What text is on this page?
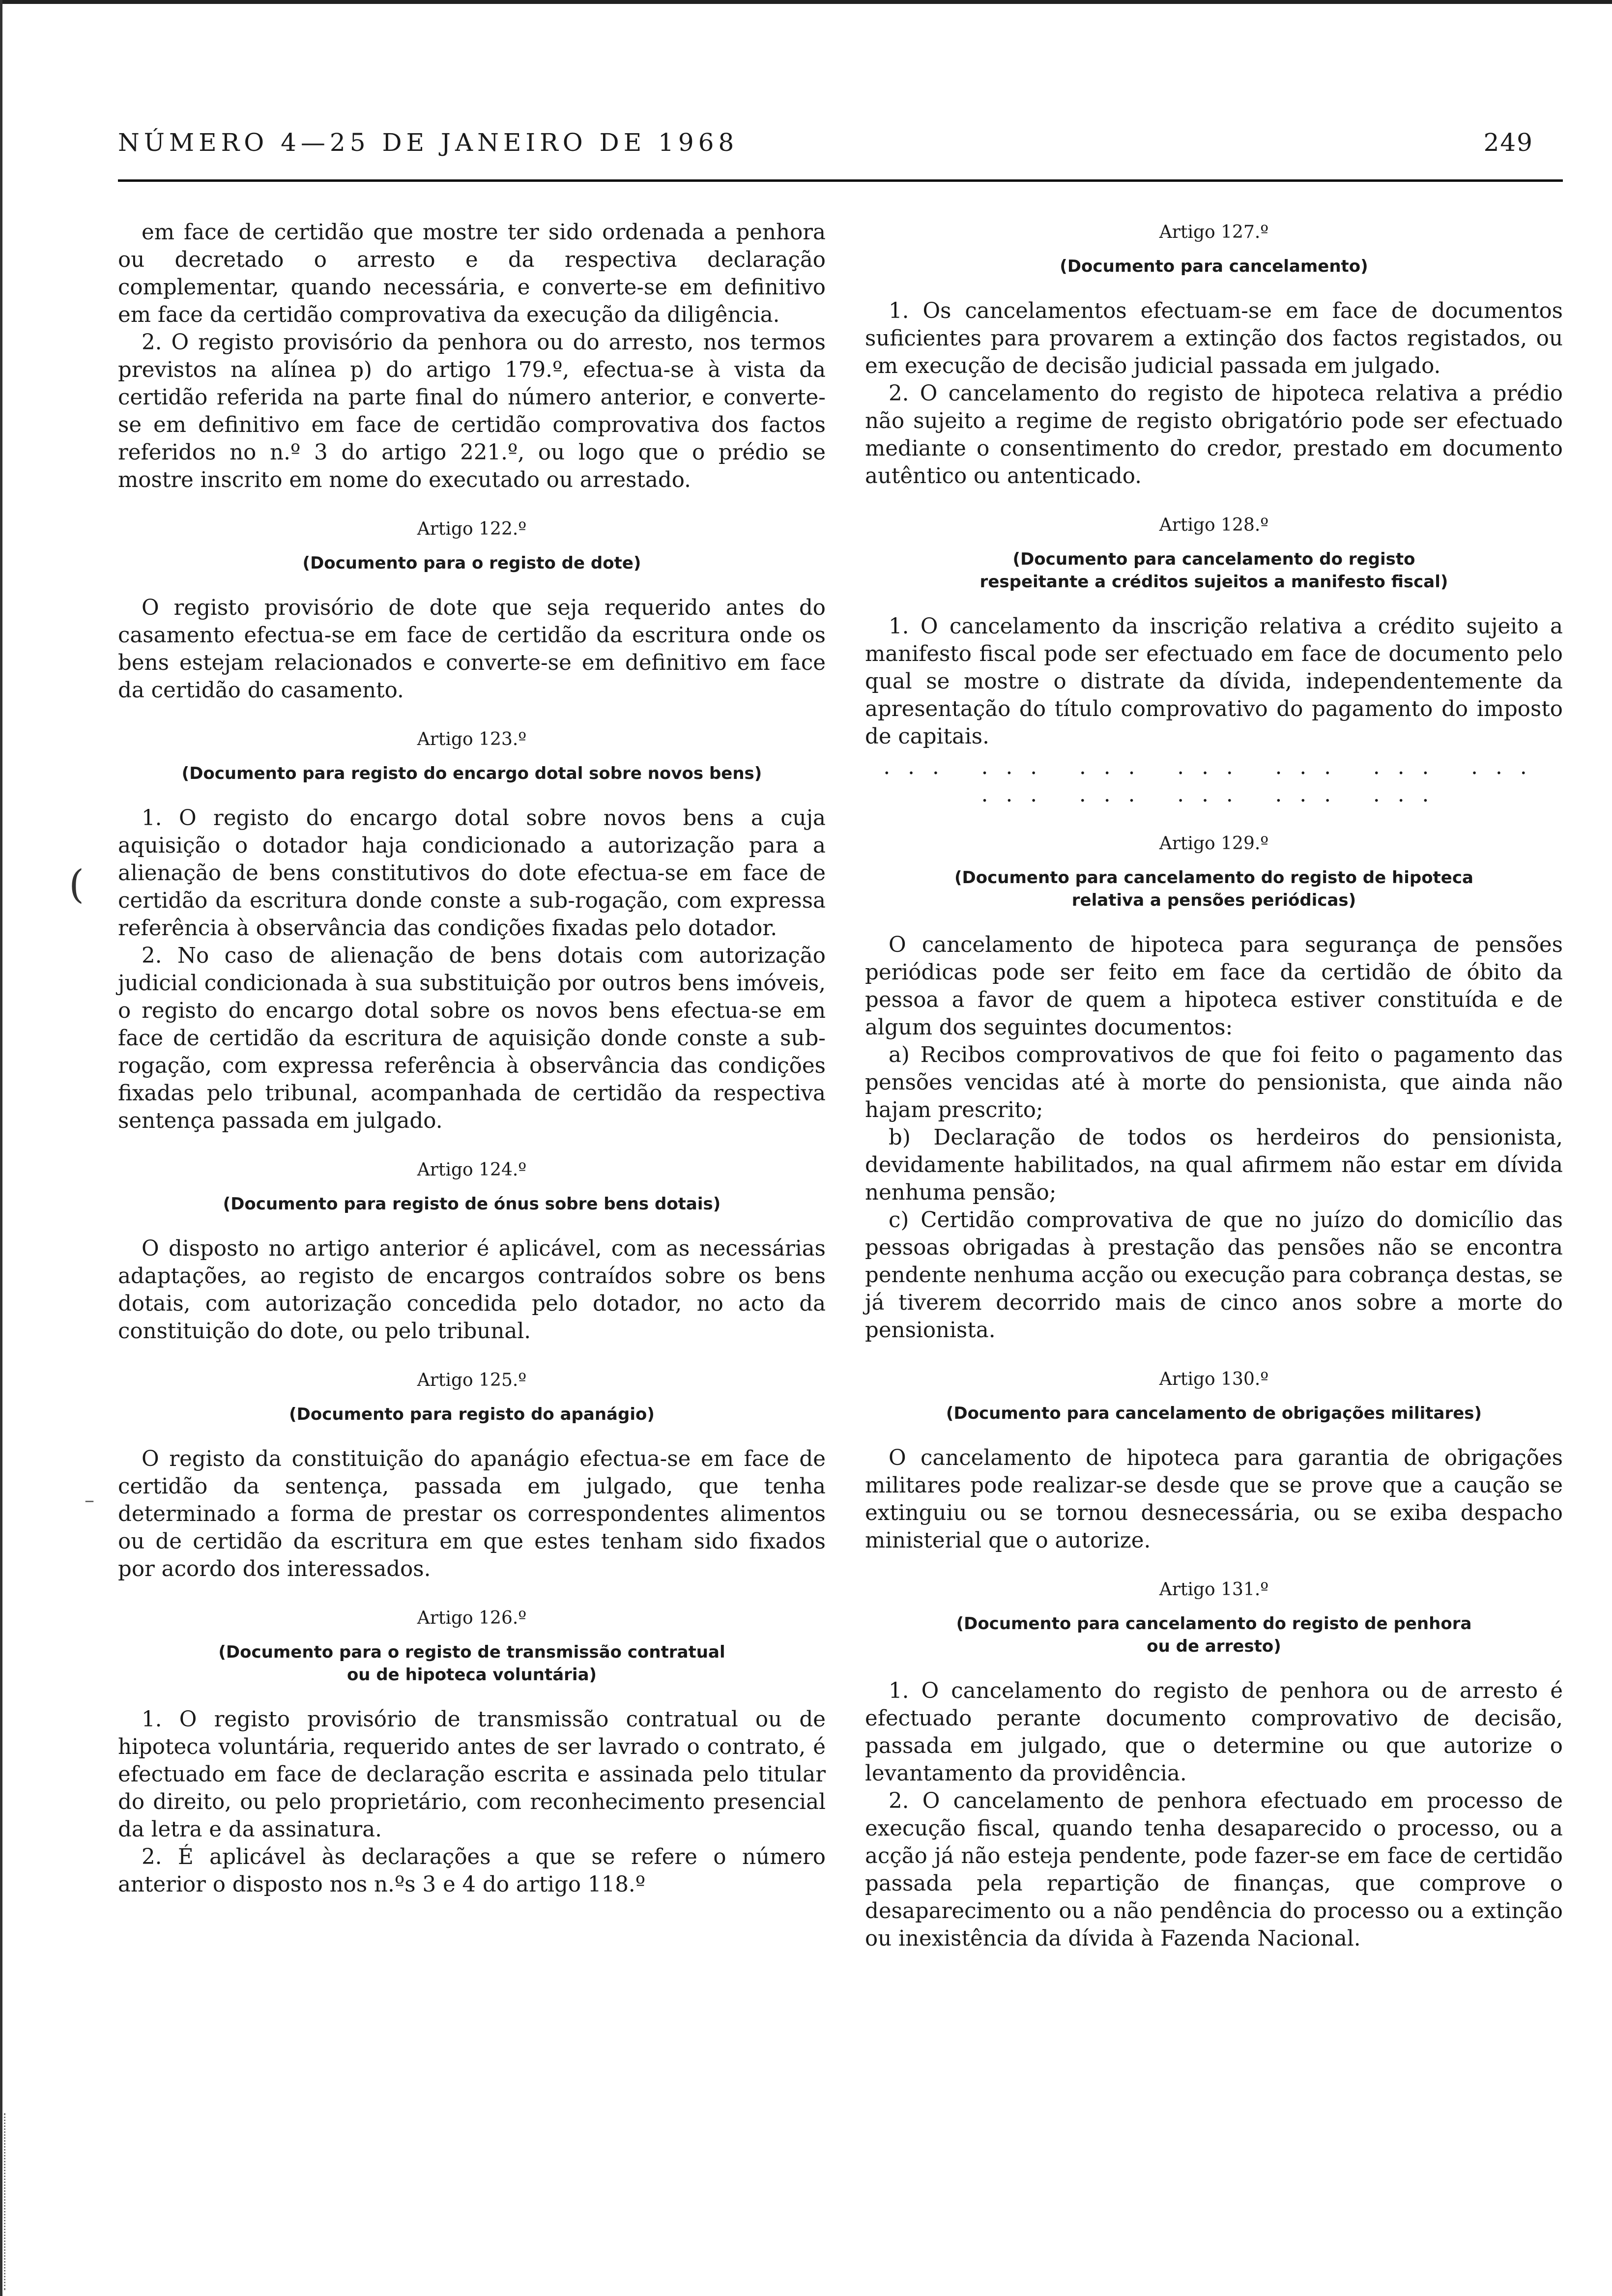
NÚMERO 4—25 DE JANEIRO DE 1968	249

em face de certidão que mostre ter sido ordenada a penhora ou decretado o arresto e da respectiva declaração complementar, quando necessária, e converte-se em definitivo em face da certidão comprovativa da execução da diligência.

2. O registo provisório da penhora ou do arresto, nos termos previstos na alínea p) do artigo 179.º, efectua-se à vista da certidão referida na parte final do número anterior, e converte-se em definitivo em face de certidão comprovativa dos factos referidos no n.º 3 do artigo 221.º, ou logo que o prédio se mostre inscrito em nome do executado ou arrestado.

Artigo 122.º

(Documento para o registo de dote)

O registo provisório de dote que seja requerido antes do casamento efectua-se em face de certidão da escritura onde os bens estejam relacionados e converte-se em definitivo em face da certidão do casamento.

Artigo 123.º

(Documento para registo do encargo dotal sobre novos bens)

1. O registo do encargo dotal sobre novos bens a cuja aquisição o dotador haja condicionado a autorização para a alienação de bens constitutivos do dote efectua-se em face de certidão da escritura donde conste a sub-rogação, com expressa referência à observância das condições fixadas pelo dotador.

2. No caso de alienação de bens dotais com autorização judicial condicionada à sua substituição por outros bens imóveis, o registo do encargo dotal sobre os novos bens efectua-se em face de certidão da escritura de aquisição donde conste a sub-rogação, com expressa referência à observância das condições fixadas pelo tribunal, acompanhada de certidão da respectiva sentença passada em julgado.

Artigo 124.º

(Documento para registo de ónus sobre bens dotais)

O disposto no artigo anterior é aplicável, com as necessárias adaptações, ao registo de encargos contraídos sobre os bens dotais, com autorização concedida pelo dotador, no acto da constituição do dote, ou pelo tribunal.

Artigo 125.º

(Documento para registo do apanágio)

O registo da constituição do apanágio efectua-se em face de certidão da sentença, passada em julgado, que tenha determinado a forma de prestar os correspondentes alimentos ou de certidão da escritura em que estes tenham sido fixados por acordo dos interessados.

Artigo 126.º

(Documento para o registo de transmissão contratual
ou de hipoteca voluntária)

1. O registo provisório de transmissão contratual ou de hipoteca voluntária, requerido antes de ser lavrado o contrato, é efectuado em face de declaração escrita e assinada pelo titular do direito, ou pelo proprietário, com reconhecimento presencial da letra e da assinatura.

2. É aplicável às declarações a que se refere o número anterior o disposto nos n.ºs 3 e 4 do artigo 118.º

Artigo 127.º

(Documento para cancelamento)

1. Os cancelamentos efectuam-se em face de documentos suficientes para provarem a extinção dos factos registados, ou em execução de decisão judicial passada em julgado.

2. O cancelamento do registo de hipoteca relativa a prédio não sujeito a regime de registo obrigatório pode ser efectuado mediante o consentimento do credor, prestado em documento autêntico ou antenticado.

Artigo 128.º

(Documento para cancelamento do registo
respeitante a créditos sujeitos a manifesto fiscal)

1. O cancelamento da inscrição relativa a crédito sujeito a manifesto fiscal pode ser efectuado em face de documento pelo qual se mostre o distrate da dívida, independentemente da apresentação do título comprovativo do pagamento do imposto de capitais.

... ... ... ... ... ... ... ... ... ... ... ...

Artigo 129.º

(Documento para cancelamento do registo de hipoteca
relativa a pensões periódicas)

O cancelamento de hipoteca para segurança de pensões periódicas pode ser feito em face da certidão de óbito da pessoa a favor de quem a hipoteca estiver constituída e de algum dos seguintes documentos:

a) Recibos comprovativos de que foi feito o pagamento das pensões vencidas até à morte do pensionista, que ainda não hajam prescrito;

b) Declaração de todos os herdeiros do pensionista, devidamente habilitados, na qual afirmem não estar em dívida nenhuma pensão;

c) Certidão comprovativa de que no juízo do domicílio das pessoas obrigadas à prestação das pensões não se encontra pendente nenhuma acção ou execução para cobrança destas, se já tiverem decorrido mais de cinco anos sobre a morte do pensionista.

Artigo 130.º

(Documento para cancelamento de obrigações militares)

O cancelamento de hipoteca para garantia de obrigações militares pode realizar-se desde que se prove que a caução se extinguiu ou se tornou desnecessária, ou se exiba despacho ministerial que o autorize.

Artigo 131.º

(Documento para cancelamento do registo de penhora
ou de arresto)

1. O cancelamento do registo de penhora ou de arresto é efectuado perante documento comprovativo de decisão, passada em julgado, que o determine ou que autorize o levantamento da providência.

2. O cancelamento de penhora efectuado em processo de execução fiscal, quando tenha desaparecido o processo, ou a acção já não esteja pendente, pode fazer-se em face de certidão passada pela repartição de finanças, que comprove o desaparecimento ou a não pendência do processo ou a extinção ou inexistência da dívida à Fazenda Nacional.

(
–
